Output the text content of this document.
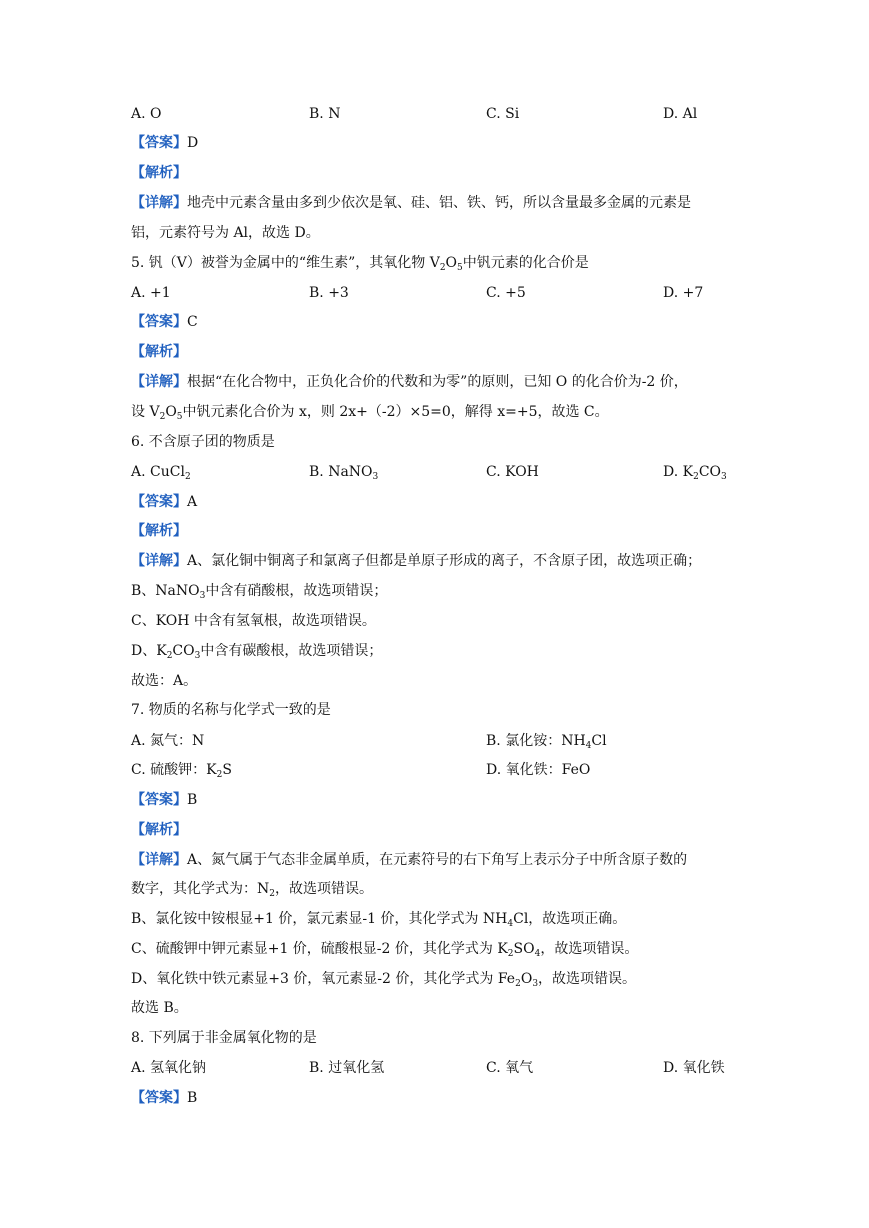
A. O	B. N	C. Si	D. Al
【答案】D
【解析】
【详解】地壳中元素含量由多到少依次是氧、硅、铝、铁、钙，所以含量最多金属的元素是
铝，元素符号为 Al，故选 D。
5. 钒（V）被誉为金属中的“维生素”，其氧化物 $V_2O_5$中钒元素的化合价是
A. +1	B. +3	C. +5	D. +7
【答案】C
【解析】
【详解】根据“在化合物中，正负化合价的代数和为零”的原则，已知 O 的化合价为-2 价，
设 $V_2O_5$中钒元素化合价为 x，则 2x+（-2）×5=0，解得 x=+5，故选 C。
6. 不含原子团的物质是
A. CuCl$_2$	B. NaNO$_3$	C. KOH	D. $K_2CO_3$
【答案】A
【解析】
【详解】A、氯化铜中铜离子和氯离子但都是单原子形成的离子，不含原子团，故选项正确；
B、NaNO$_3$中含有硝酸根，故选项错误；
C、KOH 中含有氢氧根，故选项错误。
D、$K_2CO_3$中含有碳酸根，故选项错误；
故选：A。
7. 物质的名称与化学式一致的是
A. 氮气：N	B. 氯化铵：$NH_4Cl$
C. 硫酸钾：$K_2S$	D. 氧化铁：FeO
【答案】B
【解析】
【详解】A、氮气属于气态非金属单质，在元素符号的右下角写上表示分子中所含原子数的
数字，其化学式为：$N_2$，故选项错误。
B、氯化铵中铵根显+1 价，氯元素显-1 价，其化学式为 $NH_4Cl$，故选项正确。
C、硫酸钾中钾元素显+1 价，硫酸根显-2 价，其化学式为 $K_2SO_4$，故选项错误。
D、氧化铁中铁元素显+3 价，氧元素显-2 价，其化学式为 $Fe_2O_3$，故选项错误。
故选 B。
8. 下列属于非金属氧化物的是
A. 氢氧化钠	B. 过氧化氢	C. 氧气	D. 氧化铁
【答案】B
